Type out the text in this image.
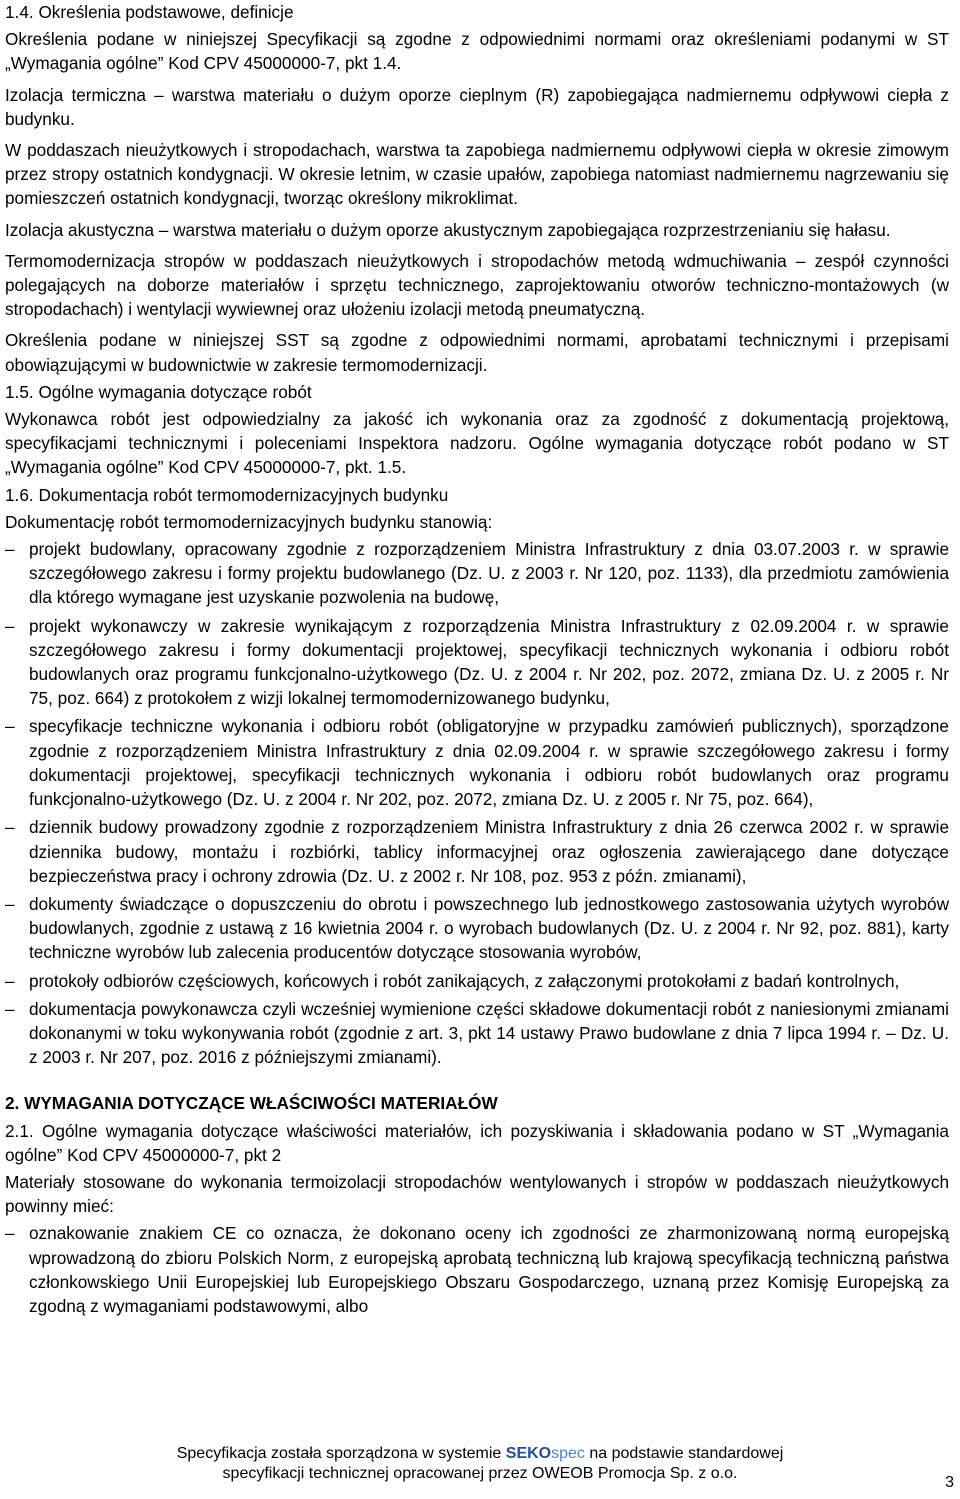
1.4. Określenia podstawowe, definicje
Określenia podane w niniejszej Specyfikacji są zgodne z odpowiednimi normami oraz określeniami podanymi w ST „Wymagania ogólne” Kod CPV 45000000-7, pkt 1.4.
Izolacja termiczna – warstwa materiału o dużym oporze cieplnym (R) zapobiegająca nadmiernemu odpływowi ciepła z budynku.
W poddaszach nieużytkowych i stropodachach, warstwa ta zapobiega nadmiernemu odpływowi ciepła w okresie zimowym przez stropy ostatnich kondygnacji. W okresie letnim, w czasie upałów, zapobiega natomiast nadmiernemu nagrzewaniu się pomieszczeń ostatnich kondygnacji, tworząc określony mikroklimat.
Izolacja akustyczna – warstwa materiału o dużym oporze akustycznym zapobiegająca rozprzestrzenianiu się hałasu.
Termomodernizacja stropów w poddaszach nieużytkowych i stropodachów metodą wdmuchiwania – zespół czynności polegających na doborze materiałów i sprzętu technicznego, zaprojektowaniu otworów techniczno-montażowych (w stropodachach) i wentylacji wywiewnej oraz ułożeniu izolacji metodą pneumatyczną.
Określenia podane w niniejszej SST są zgodne z odpowiednimi normami, aprobatami technicznymi i przepisami obowiązującymi w budownictwie w zakresie termomodernizacji.
1.5. Ogólne wymagania dotyczące robót
Wykonawca robót jest odpowiedzialny za jakość ich wykonania oraz za zgodność z dokumentacją projektową, specyfikacjami technicznymi i poleceniami Inspektora nadzoru. Ogólne wymagania dotyczące robót podano w ST „Wymagania ogólne” Kod CPV 45000000-7, pkt. 1.5.
1.6. Dokumentacja robót termomodernizacyjnych budynku
Dokumentację robót termomodernizacyjnych budynku stanowią:
– projekt budowlany, opracowany zgodnie z rozporządzeniem Ministra Infrastruktury z dnia 03.07.2003 r. w sprawie szczegółowego zakresu i formy projektu budowlanego (Dz. U. z 2003 r. Nr 120, poz. 1133), dla przedmiotu zamówienia dla którego wymagane jest uzyskanie pozwolenia na budowę,
– projekt wykonawczy w zakresie wynikającym z rozporządzenia Ministra Infrastruktury z 02.09.2004 r. w sprawie szczegółowego zakresu i formy dokumentacji projektowej, specyfikacji technicznych wykonania i odbioru robót budowlanych oraz programu funkcjonalno-użytkowego (Dz. U. z 2004 r. Nr 202, poz. 2072, zmiana Dz. U. z 2005 r. Nr 75, poz. 664) z protokołem z wizji lokalnej termomodernizowanego budynku,
– specyfikacje techniczne wykonania i odbioru robót (obligatoryjne w przypadku zamówień publicznych), sporządzone zgodnie z rozporządzeniem Ministra Infrastruktury z dnia 02.09.2004 r. w sprawie szczegółowego zakresu i formy dokumentacji projektowej, specyfikacji technicznych wykonania i odbioru robót budowlanych oraz programu funkcjonalno-użytkowego (Dz. U. z 2004 r. Nr 202, poz. 2072, zmiana Dz. U. z 2005 r. Nr 75, poz. 664),
– dziennik budowy prowadzony zgodnie z rozporządzeniem Ministra Infrastruktury z dnia 26 czerwca 2002 r. w sprawie dziennika budowy, montażu i rozbiórki, tablicy informacyjnej oraz ogłoszenia zawierającego dane dotyczące bezpieczeństwa pracy i ochrony zdrowia (Dz. U. z 2002 r. Nr 108, poz. 953 z późn. zmianami),
– dokumenty świadczące o dopuszczeniu do obrotu i powszechnego lub jednostkowego zastosowania użytych wyrobów budowlanych, zgodnie z ustawą z 16 kwietnia 2004 r. o wyrobach budowlanych (Dz. U. z 2004 r. Nr 92, poz. 881), karty techniczne wyrobów lub zalecenia producentów dotyczące stosowania wyrobów,
– protokoły odbiorów częściowych, końcowych i robót zanikających, z załączonymi protokołami z badań kontrolnych,
– dokumentacja powykonawcza czyli wcześniej wymienione części składowe dokumentacji robót z naniesionymi zmianami dokonanymi w toku wykonywania robót (zgodnie z art. 3, pkt 14 ustawy Prawo budowlane z dnia 7 lipca 1994 r. – Dz. U. z 2003 r. Nr 207, poz. 2016 z późniejszymi zmianami).
2. WYMAGANIA DOTYCZĄCE WŁAŚCIWOŚCI MATERIAŁÓW
2.1. Ogólne wymagania dotyczące właściwości materiałów, ich pozyskiwania i składowania podano w ST „Wymagania ogólne” Kod CPV 45000000-7, pkt 2
Materiały stosowane do wykonania termoizolacji stropodachów wentylowanych i stropów w poddaszach nieużytkowych powinny mieć:
– oznakowanie znakiem CE co oznacza, że dokonano oceny ich zgodności ze zharmonizowaną normą europejską wprowadzoną do zbioru Polskich Norm, z europejską aprobatą techniczną lub krajową specyfikacją techniczną państwa członkowskiego Unii Europejskiej lub Europejskiego Obszaru Gospodarczego, uznaną przez Komisję Europejską za zgodną z wymaganiami podstawowymi, albo
Specyfikacja została sporządzona w systemie SEKOspec na podstawie standardowej
specyfikacji technicznej opracowanej przez OWEOB Promocja Sp. z o.o.
3
